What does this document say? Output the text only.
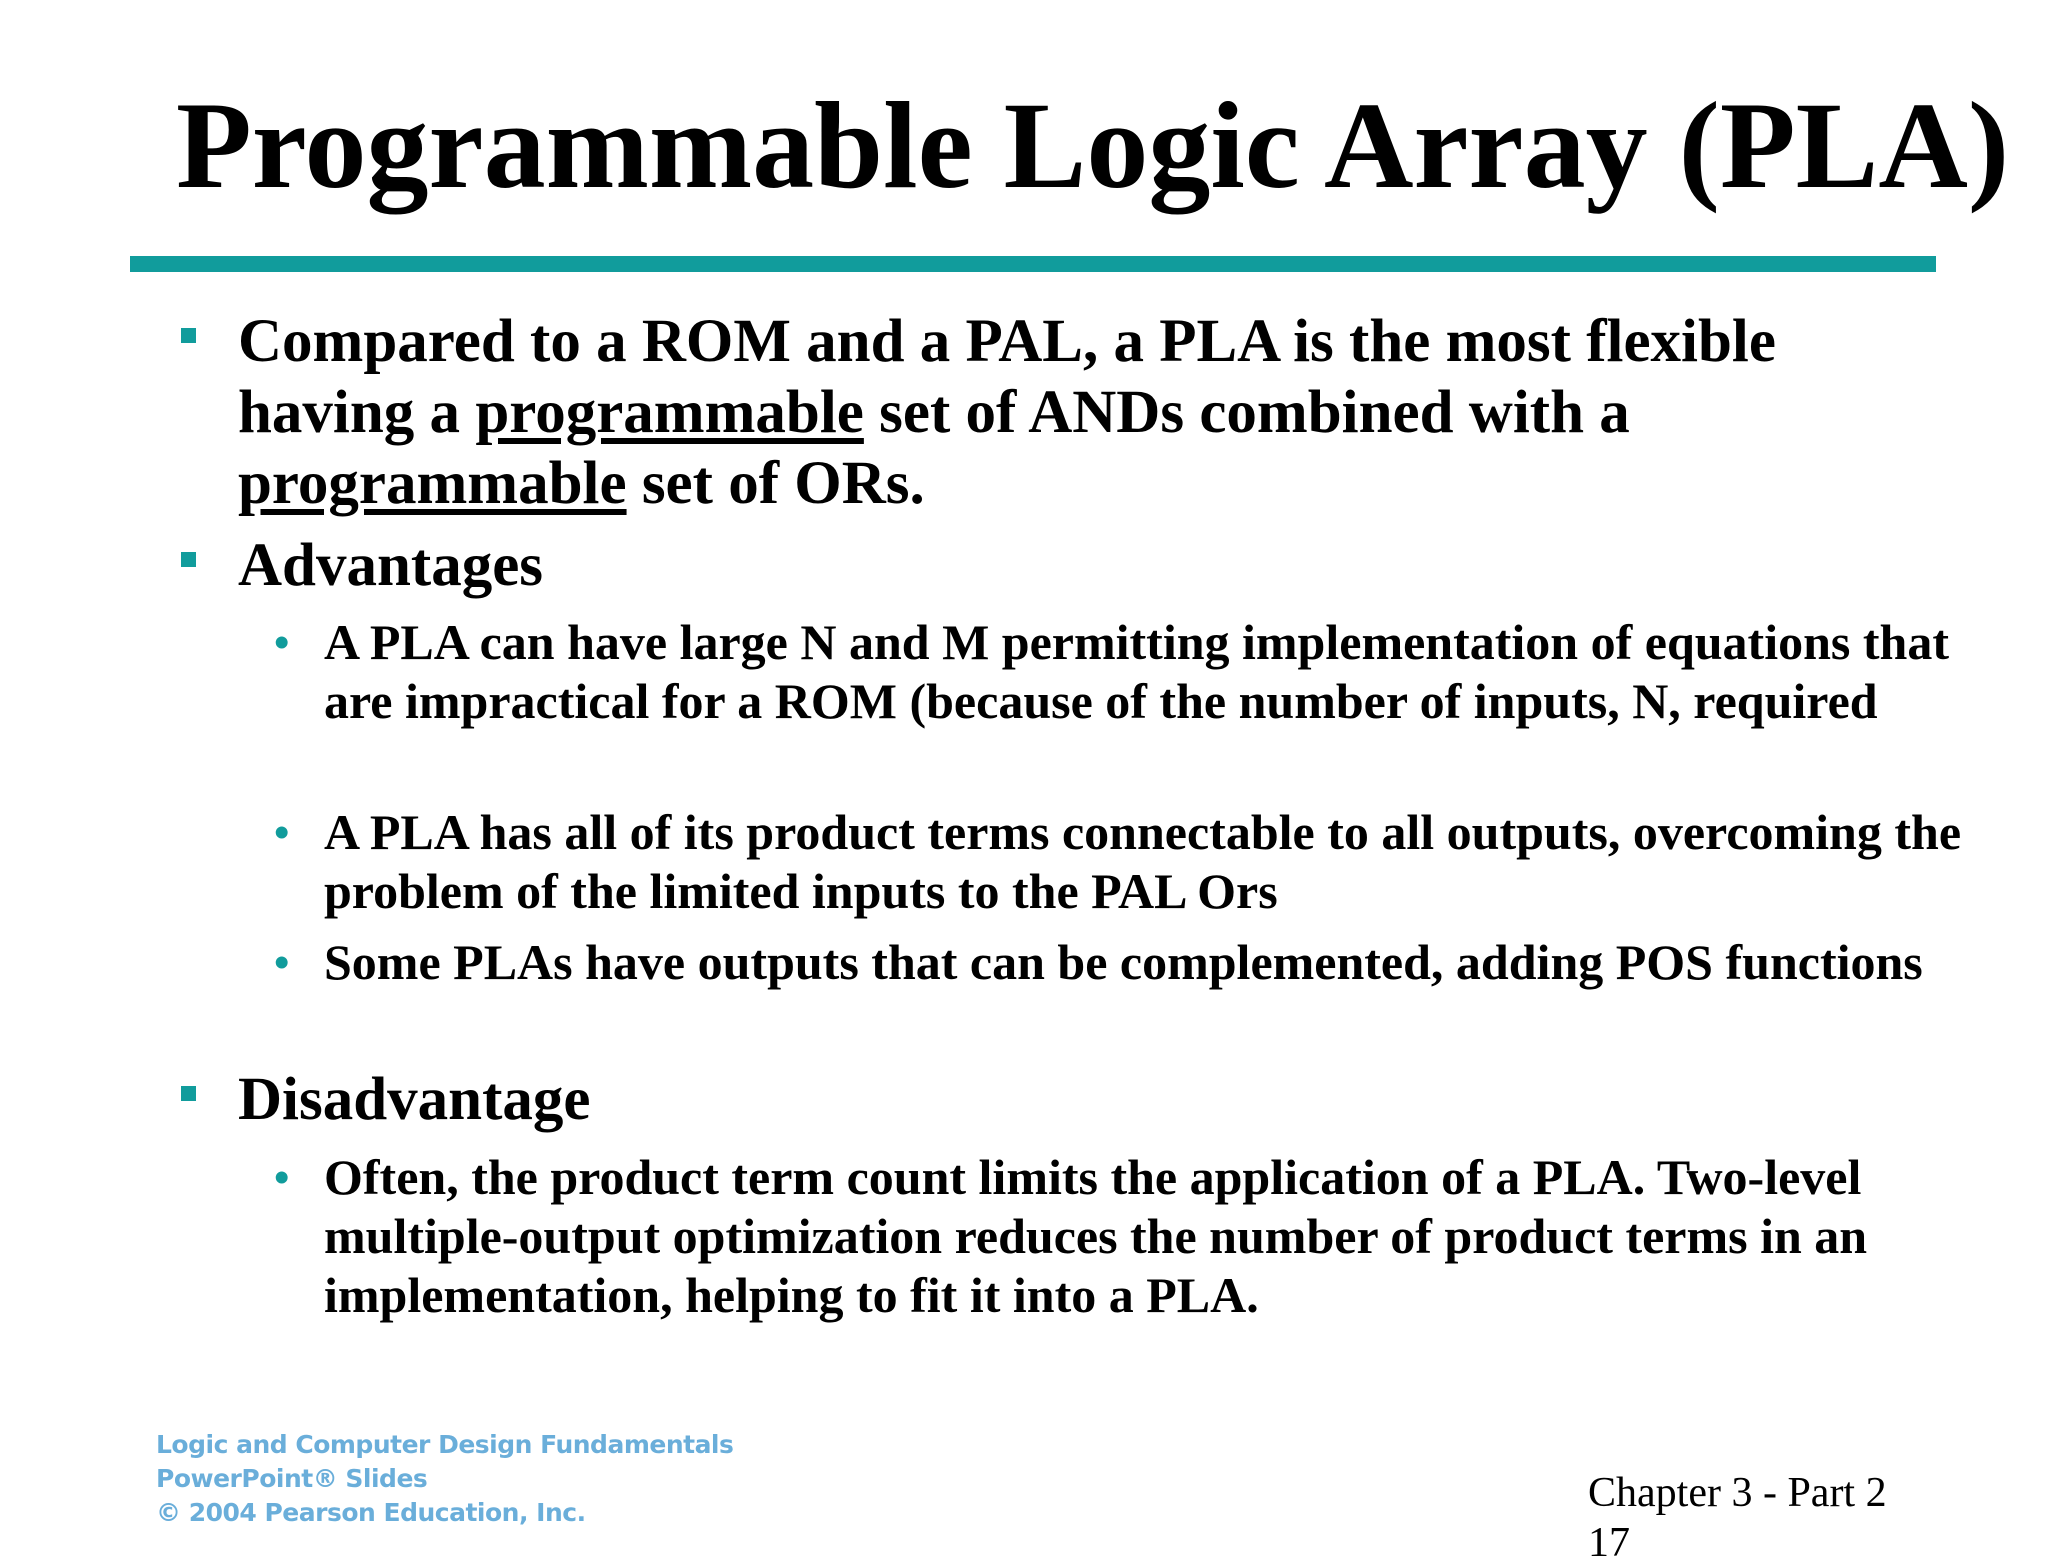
Programmable Logic Array (PLA)
Compared to a ROM and a PAL, a PLA is the most flexible having a programmable set of ANDs combined with a programmable set of ORs.
Advantages
• A PLA can have large N and M permitting implementation of equations that are impractical for a ROM (because of the number of inputs, N, required
• A PLA has all of its product terms connectable to all outputs, overcoming the problem of the limited inputs to the PAL Ors
• Some PLAs have outputs that can be complemented, adding POS functions
Disadvantage
• Often, the product term count limits the application of a PLA. Two-level multiple-output optimization reduces the number of product terms in an implementation, helping to fit it into a PLA.
Logic and Computer Design Fundamentals
PowerPoint® Slides
© 2004 Pearson Education, Inc.	Chapter 3 - Part 2
17
